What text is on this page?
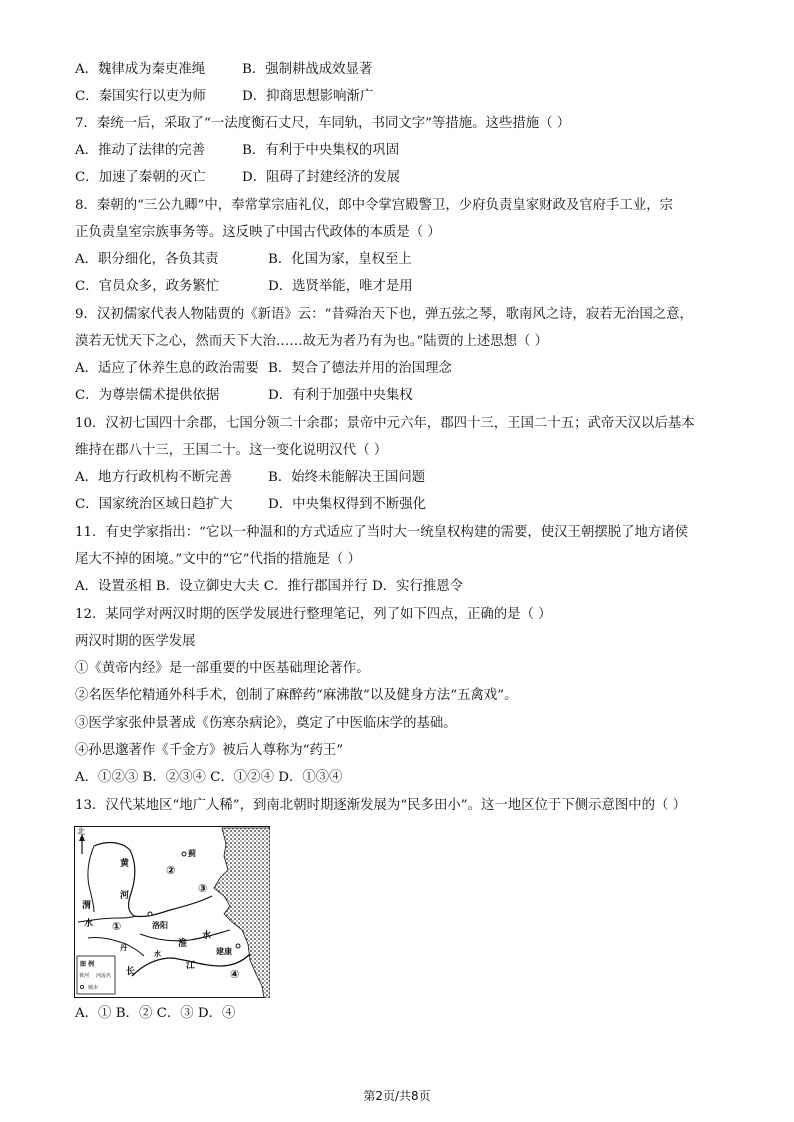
A．魏律成为秦吏准绳	B．强制耕战成效显著
C．秦国实行以吏为师	D．抑商思想影响渐广
7．秦统一后，采取了“一法度衡石丈尺，车同轨，书同文字”等措施。这些措施（ ）
A．推动了法律的完善	B．有利于中央集权的巩固
C．加速了秦朝的灭亡	D．阻碍了封建经济的发展
8．秦朝的“三公九卿”中，奉常掌宗庙礼仪，郎中令掌宫殿警卫，少府负责皇家财政及官府手工业，宗
正负责皇室宗族事务等。这反映了中国古代政体的本质是（ ）
A．职分细化，各负其责	B．化国为家，皇权至上
C．官员众多，政务繁忙	D．选贤举能，唯才是用
9．汉初儒家代表人物陆贾的《新语》云：“昔舜治天下也，弹五弦之琴，歌南风之诗，寂若无治国之意，
漠若无忧天下之心，然而天下大治……故无为者乃有为也。”陆贾的上述思想（ ）
A．适应了休养生息的政治需要 B．契合了德法并用的治国理念
C．为尊崇儒术提供依据	D．有利于加强中央集权
10．汉初七国四十余郡，七国分领二十余郡；景帝中元六年，郡四十三，王国二十五；武帝天汉以后基本
维持在郡八十三，王国二十。这一变化说明汉代（ ）
A．地方行政机构不断完善	B．始终未能解决王国问题
C．国家统治区域日趋扩大	D．中央集权得到不断强化
11．有史学家指出：“它以一种温和的方式适应了当时大一统皇权构建的需要，使汉王朝摆脱了地方诸侯
尾大不掉的困境。”文中的“它”代指的措施是（ ）
A．设置丞相 B．设立御史大夫 C．推行郡国并行 D．实行推恩令
12．某同学对两汉时期的医学发展进行整理笔记，列了如下四点，正确的是（ ）
两汉时期的医学发展
①《黄帝内经》是一部重要的中医基础理论著作。
②名医华佗精通外科手术，创制了麻醉药“麻沸散”以及健身方法“五禽戏”。
③医学家张仲景著成《伤寒杂病论》，奠定了中医临床学的基础。
④孙思邈著作《千金方》被后人尊称为“药王”
A．①②③ B．②③④ C．①②④ D．①③④
13．汉代某地区“地广人稀”，到南北朝时期逐渐发展为“民多田小”。这一地区位于下侧示意图中的（ ）
北
黄
河
渭
水	洛阳
淮
水
丹
水
长
江
建康
蓟
①
②
③
④
图 例
黄河 河流名
城市
A．① B．② C．③ D．④
第2页/共8页
